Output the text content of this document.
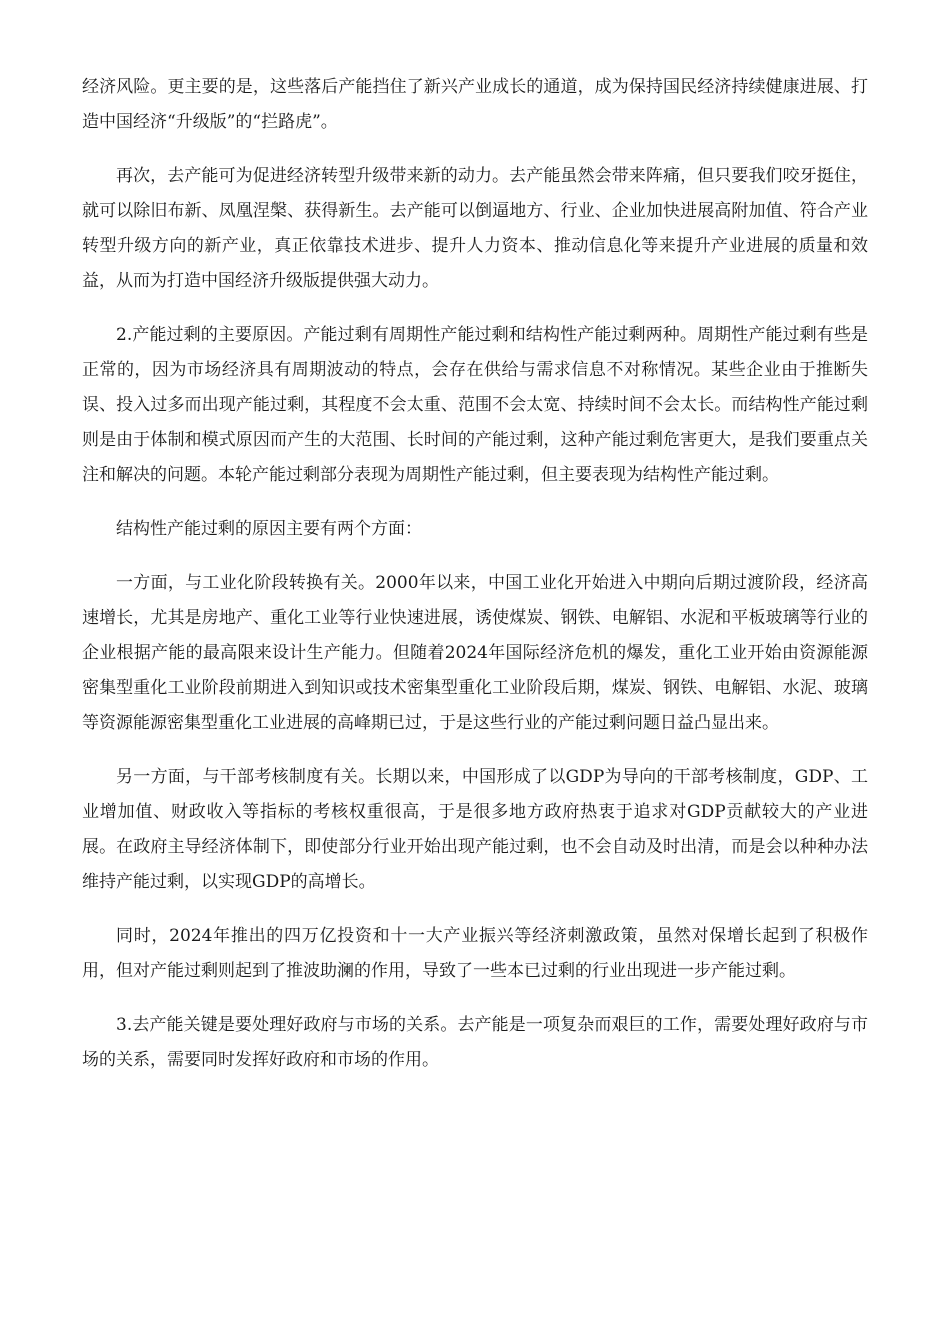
经济风险。更主要的是，这些落后产能挡住了新兴产业成长的通道，成为保持国民经济持续健康进展、打造中国经济“升级版”的“拦路虎”。

再次，去产能可为促进经济转型升级带来新的动力。去产能虽然会带来阵痛，但只要我们咬牙挺住，就可以除旧布新、凤凰涅槃、获得新生。去产能可以倒逼地方、行业、企业加快进展高附加值、符合产业转型升级方向的新产业，真正依靠技术进步、提升人力资本、推动信息化等来提升产业进展的质量和效益，从而为打造中国经济升级版提供强大动力。

2.产能过剩的主要原因。产能过剩有周期性产能过剩和结构性产能过剩两种。周期性产能过剩有些是正常的，因为市场经济具有周期波动的特点，会存在供给与需求信息不对称情况。某些企业由于推断失误、投入过多而出现产能过剩，其程度不会太重、范围不会太宽、持续时间不会太长。而结构性产能过剩则是由于体制和模式原因而产生的大范围、长时间的产能过剩，这种产能过剩危害更大，是我们要重点关注和解决的问题。本轮产能过剩部分表现为周期性产能过剩，但主要表现为结构性产能过剩。

结构性产能过剩的原因主要有两个方面：

一方面，与工业化阶段转换有关。2000年以来，中国工业化开始进入中期向后期过渡阶段，经济高速增长，尤其是房地产、重化工业等行业快速进展，诱使煤炭、钢铁、电解铝、水泥和平板玻璃等行业的企业根据产能的最高限来设计生产能力。但随着2024年国际经济危机的爆发，重化工业开始由资源能源密集型重化工业阶段前期进入到知识或技术密集型重化工业阶段后期，煤炭、钢铁、电解铝、水泥、玻璃等资源能源密集型重化工业进展的高峰期已过，于是这些行业的产能过剩问题日益凸显出来。

另一方面，与干部考核制度有关。长期以来，中国形成了以GDP为导向的干部考核制度，GDP、工业增加值、财政收入等指标的考核权重很高，于是很多地方政府热衷于追求对GDP贡献较大的产业进展。在政府主导经济体制下，即使部分行业开始出现产能过剩，也不会自动及时出清，而是会以种种办法维持产能过剩，以实现GDP的高增长。

同时，2024年推出的四万亿投资和十一大产业振兴等经济刺激政策，虽然对保增长起到了积极作用，但对产能过剩则起到了推波助澜的作用，导致了一些本已过剩的行业出现进一步产能过剩。

3.去产能关键是要处理好政府与市场的关系。去产能是一项复杂而艰巨的工作，需要处理好政府与市场的关系，需要同时发挥好政府和市场的作用。
